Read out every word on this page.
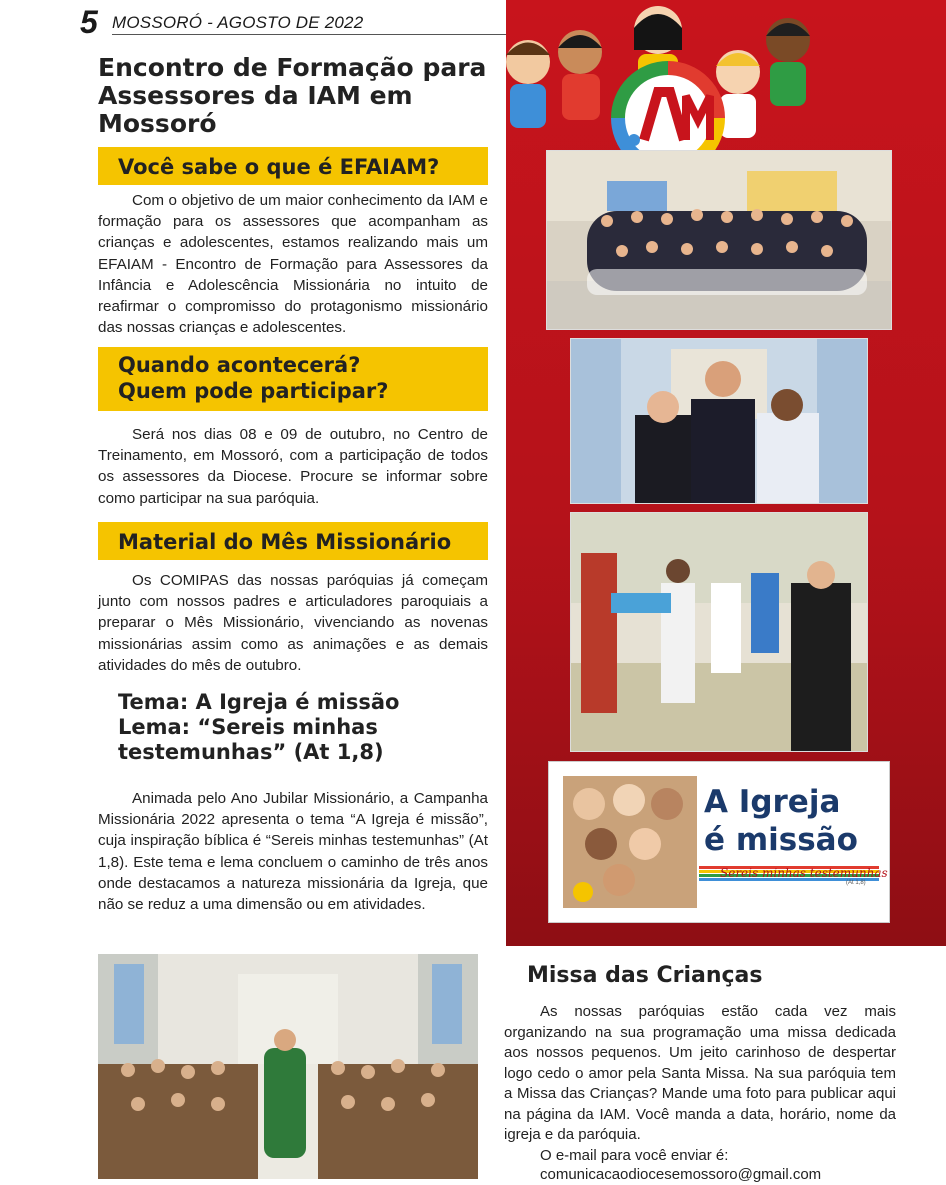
5 MOSSORÓ - AGOSTO DE 2022
Encontro de Formação para Assessores da IAM em Mossoró
Você sabe o que é EFAIAM?
Com o objetivo de um maior conhecimento da IAM e formação para os assessores que acompanham as crianças e adolescentes, estamos realizando mais um EFAIAM - Encontro de Formação para Assessores da Infância e Adolescência Missionária no intuito de reafirmar o compromisso do protagonismo missionário das nossas crianças e adolescentes.
Quando acontecerá?
Quem pode participar?
Será nos dias 08 e 09 de outubro, no Centro de Treinamento, em Mossoró, com a participação de todos os assessores da Diocese. Procure se informar sobre como participar na sua paróquia.
Material do Mês Missionário
Os COMIPAS das nossas paróquias já começam junto com nossos padres e articuladores paroquiais a preparar o Mês Missionário, vivenciando as novenas missionárias assim como as animações e as demais atividades do mês de outubro.
Tema: A Igreja é missão
Lema: “Sereis minhas
testemunhas” (At 1,8)
Animada pelo Ano Jubilar Missionário, a Campanha Missionária 2022 apresenta o tema “A Igreja é missão”, cuja inspiração bíblica é “Sereis minhas testemunhas” (At 1,8). Este tema e lema concluem o caminho de três anos onde destacamos a natureza missionária da Igreja, que não se reduz a uma dimensão ou em atividades.
A Igreja
é missão
Sereis minhas testemunhas
(At 1,8)
Missa das Crianças
As nossas paróquias estão cada vez mais organizando na sua programação uma missa dedicada aos nossos pequenos. Um jeito carinhoso de despertar logo cedo o amor pela Santa Missa. Na sua paróquia tem a Missa das Crianças? Mande uma foto para publicar aqui na página da IAM. Você manda a data, horário, nome da igreja e da paróquia.
O e-mail para você enviar é:
comunicacaodiocesemossoro@gmail.com
